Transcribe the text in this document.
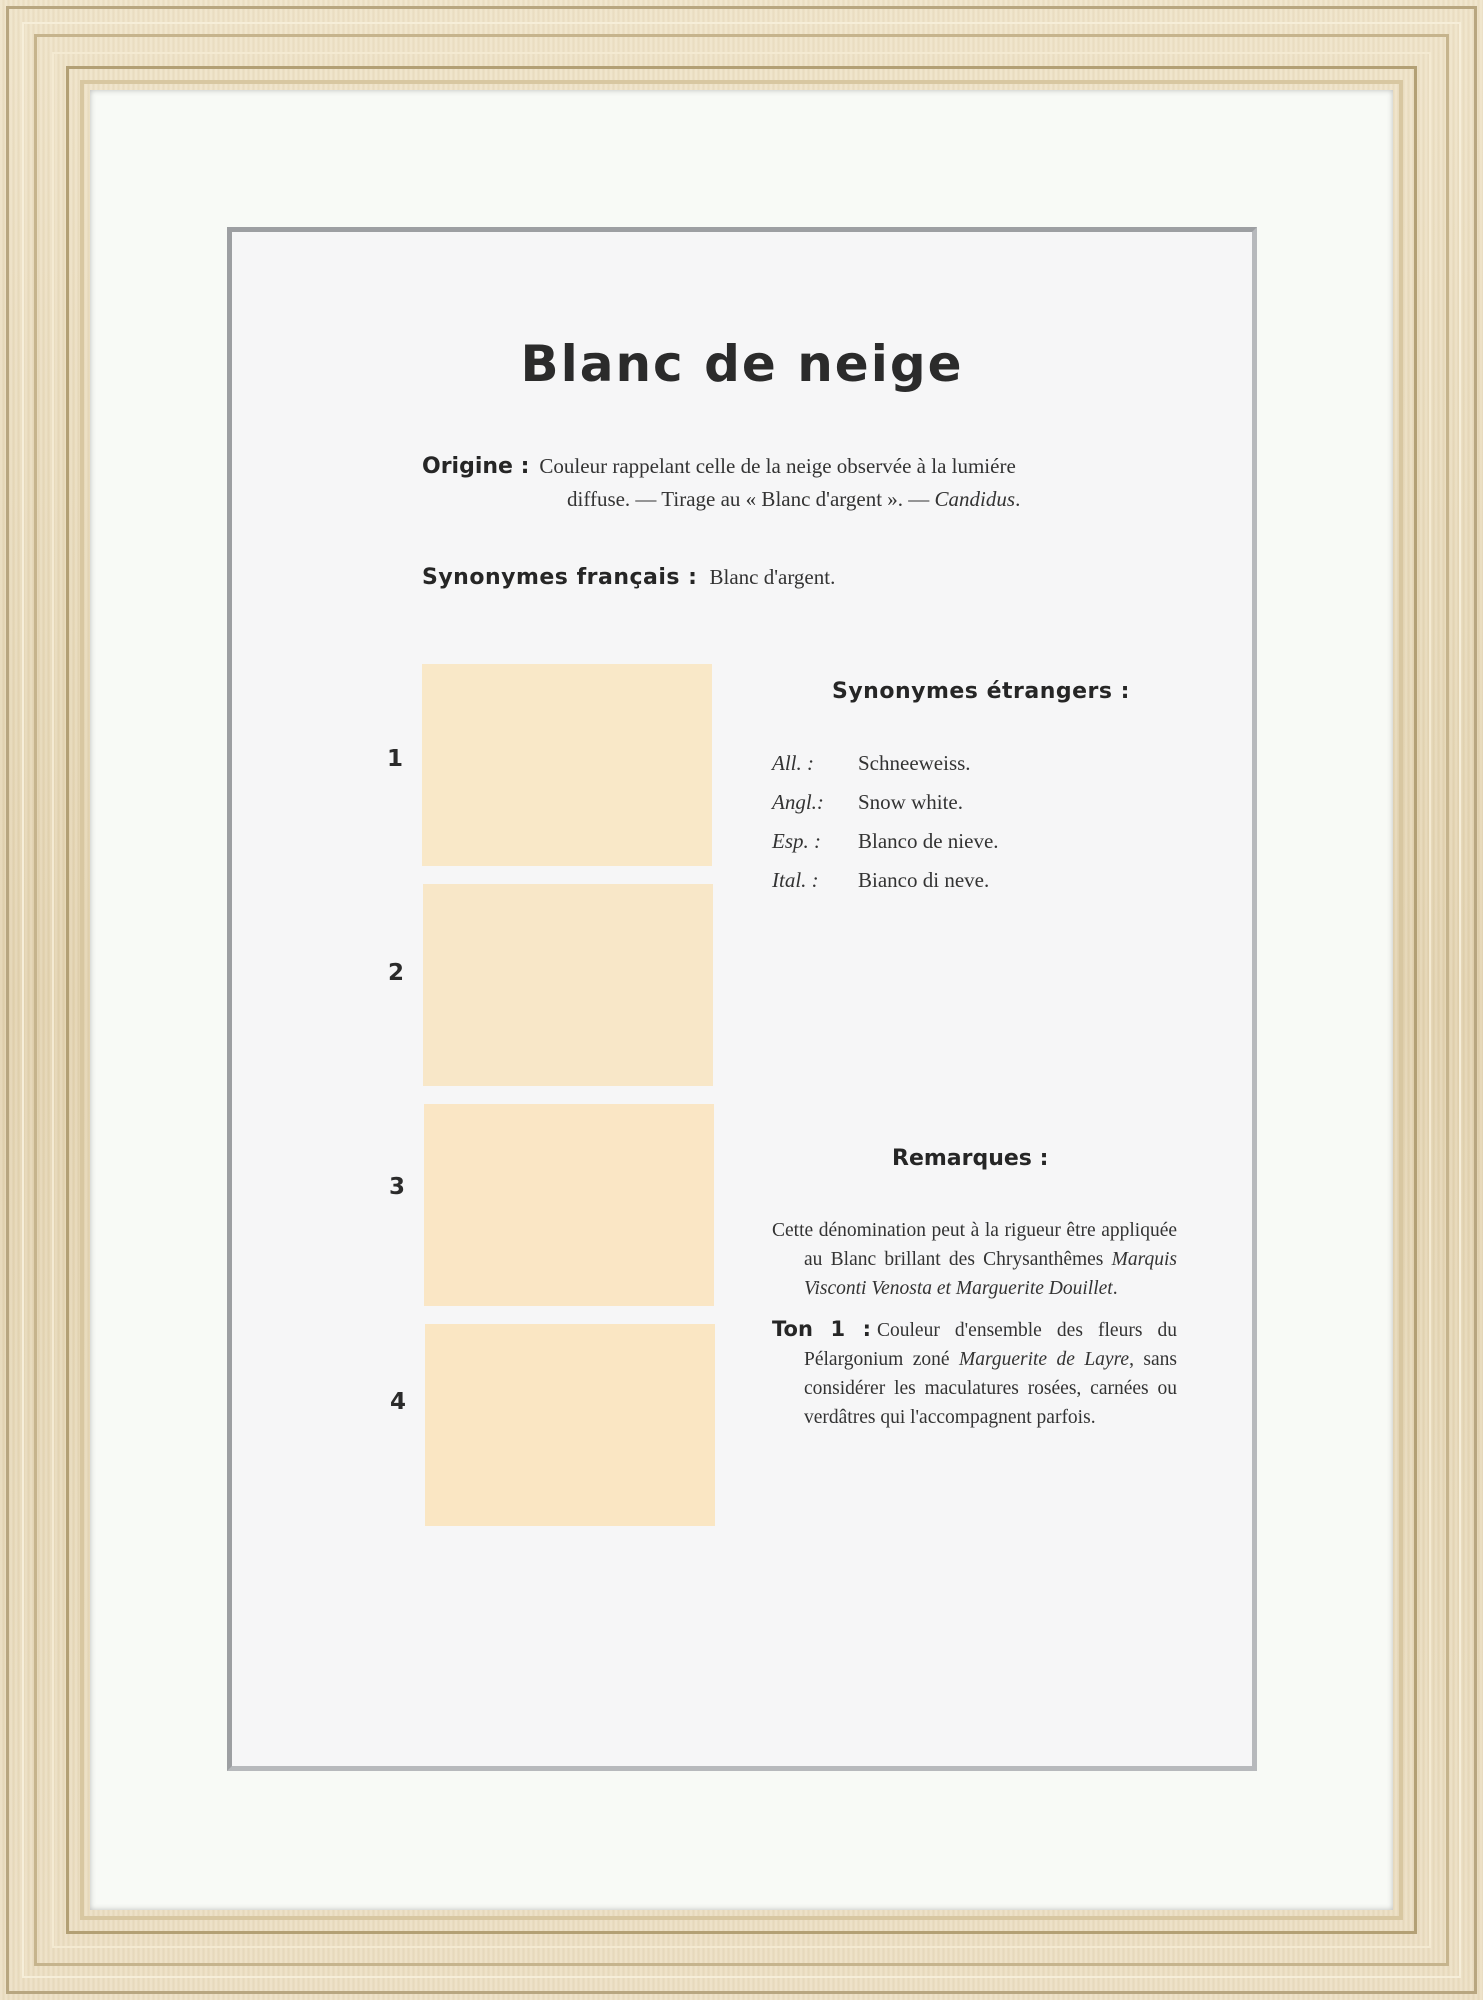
Blanc de neige
Origine : Couleur rappelant celle de la neige observée à la lumiére
diffuse. — Tirage au « Blanc d'argent ». — Candidus.
Synonymes français : Blanc d'argent.
1
2
3
4
Synonymes étrangers :
All. : Schneeweiss.
Angl.: Snow white.
Esp. : Blanco de nieve.
Ital. : Bianco di neve.
Remarques :
Cette dénomination peut à la rigueur être appliquée au Blanc brillant des Chrysanthêmes Marquis Visconti Venosta et Marguerite Douillet.
Ton 1 : Couleur d'ensemble des fleurs du Pélargonium zoné Marguerite de Layre, sans considérer les maculatures rosées, carnées ou verdâtres qui l'accompagnent parfois.
